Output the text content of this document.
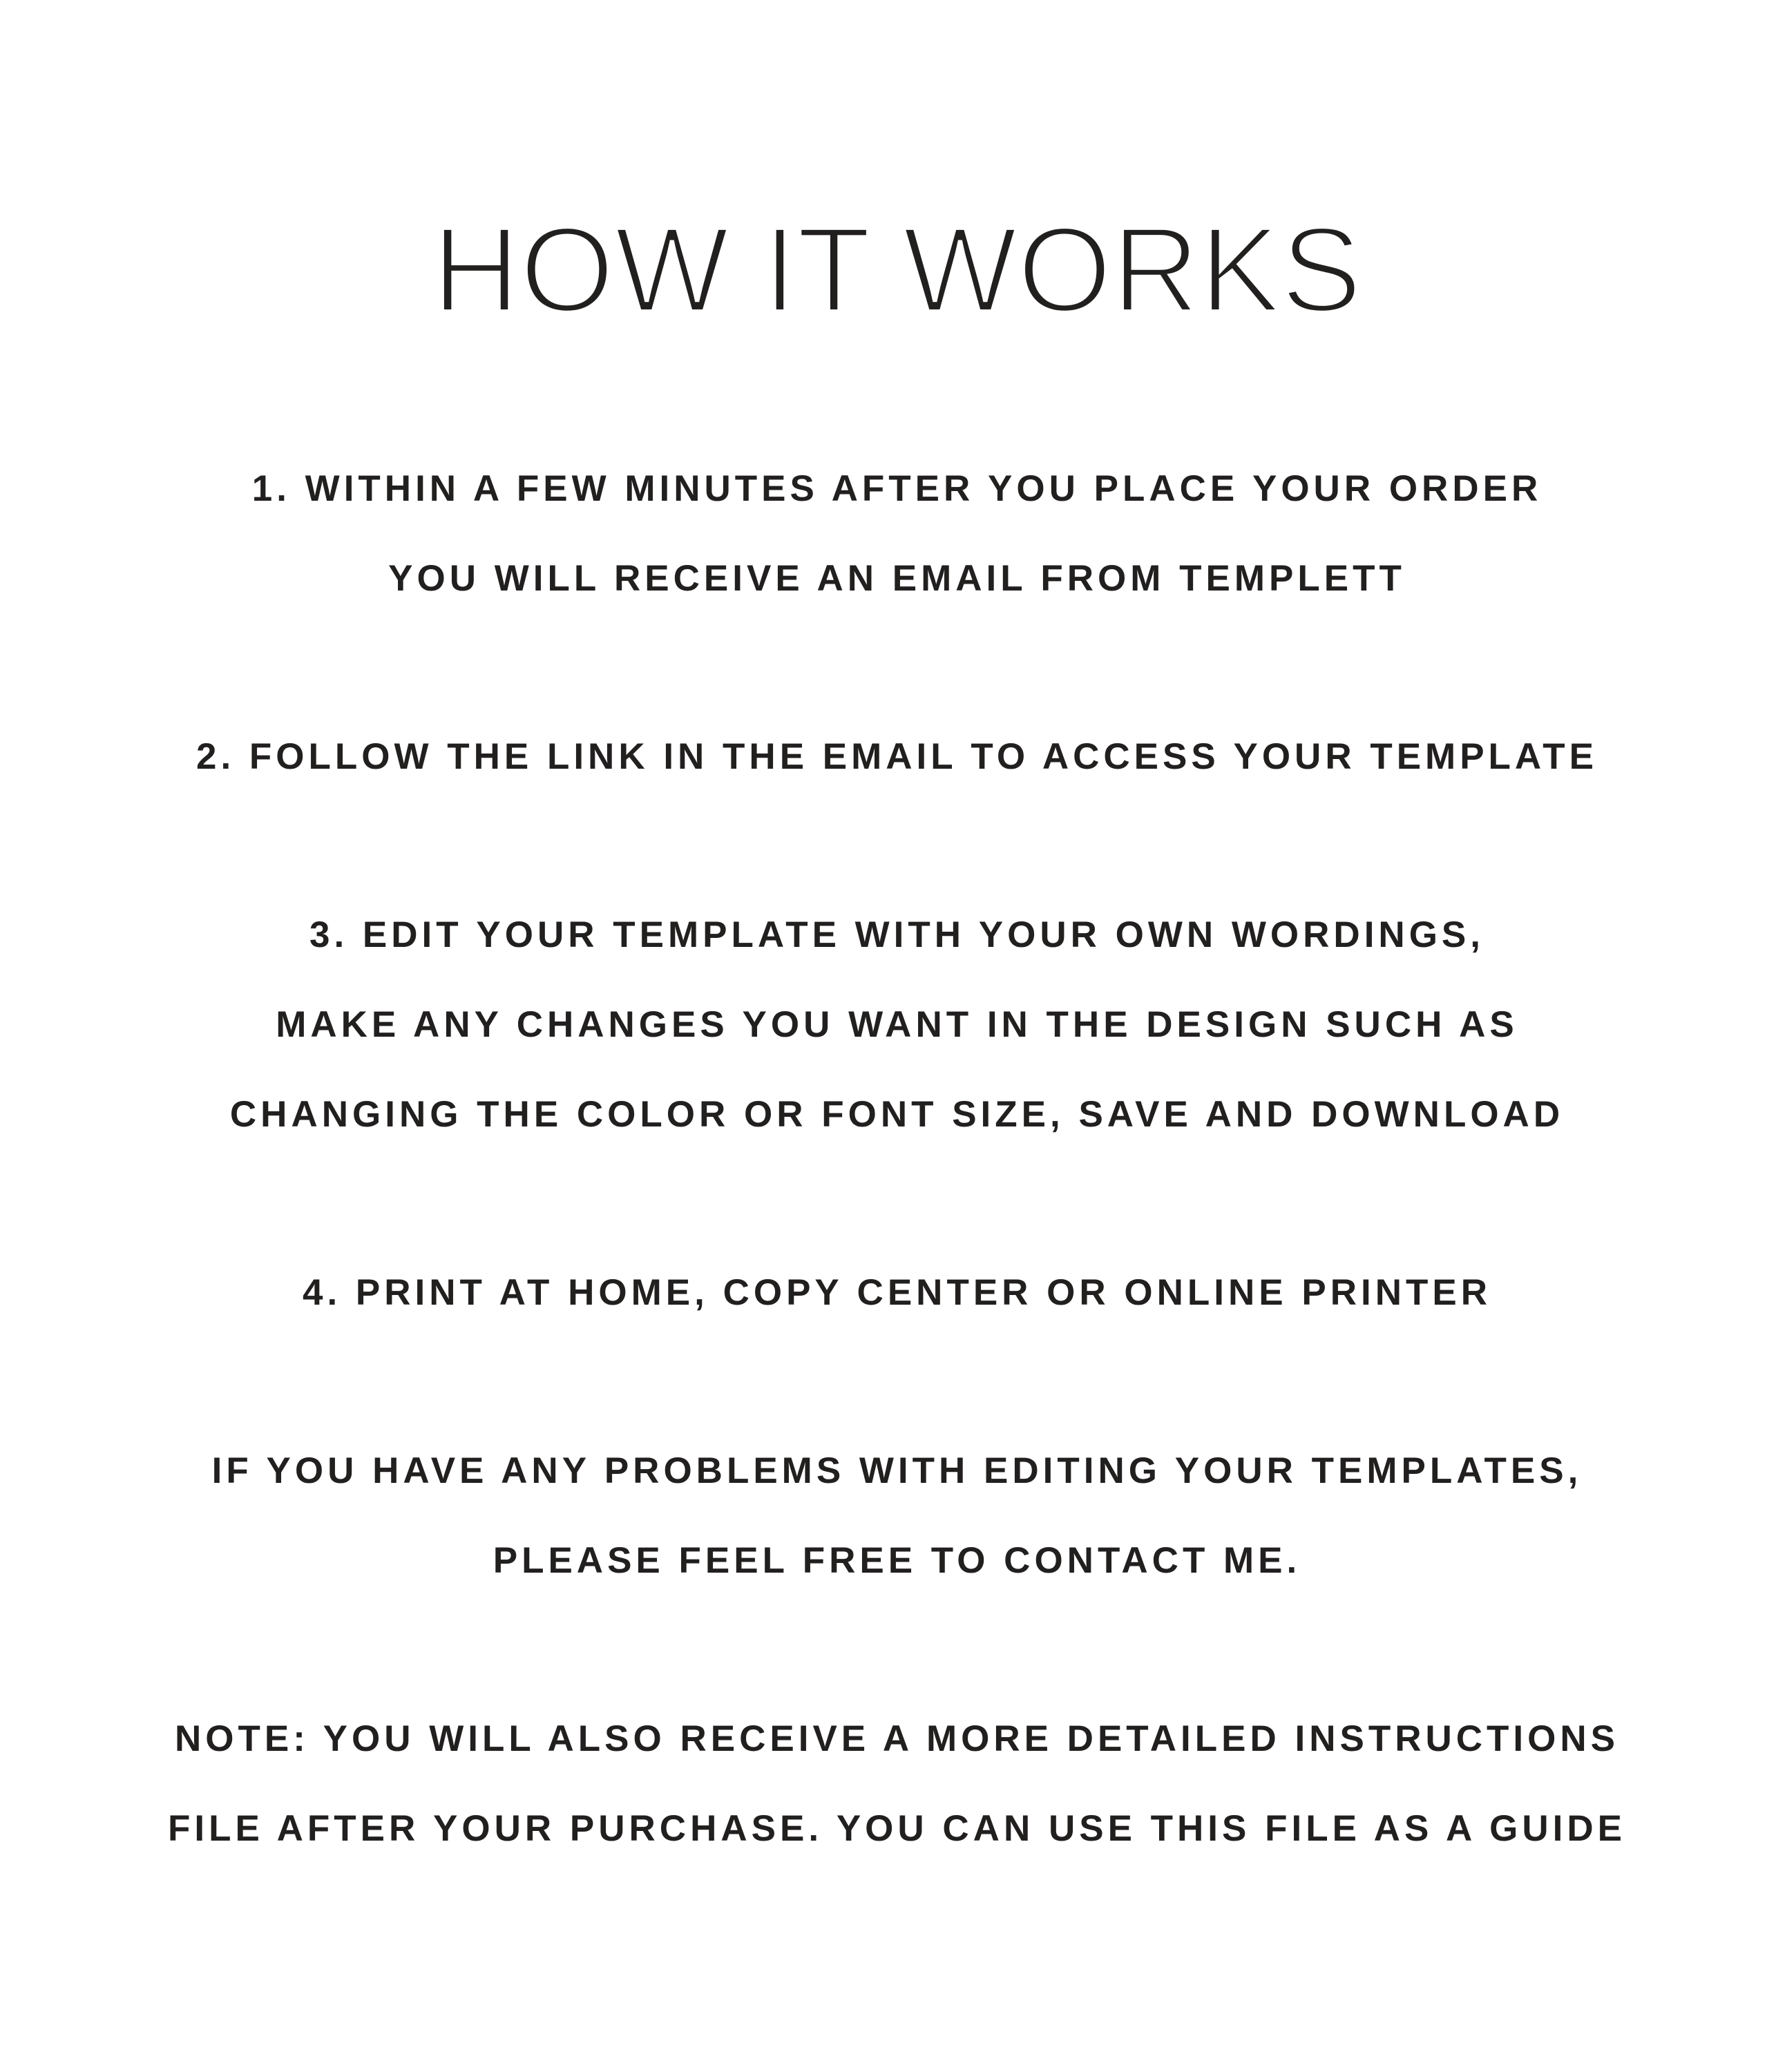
HOW IT WORKS
1. WITHIN A FEW MINUTES AFTER YOU PLACE YOUR ORDER
YOU WILL RECEIVE AN EMAIL FROM TEMPLETT
2. FOLLOW THE LINK IN THE EMAIL TO ACCESS YOUR TEMPLATE
3. EDIT YOUR TEMPLATE WITH YOUR OWN WORDINGS,
MAKE ANY CHANGES YOU WANT IN THE DESIGN SUCH AS
CHANGING THE COLOR OR FONT SIZE, SAVE AND DOWNLOAD
4. PRINT AT HOME, COPY CENTER OR ONLINE PRINTER
IF YOU HAVE ANY PROBLEMS WITH EDITING YOUR TEMPLATES,
PLEASE FEEL FREE TO CONTACT ME.
NOTE: YOU WILL ALSO RECEIVE A MORE DETAILED INSTRUCTIONS
FILE AFTER YOUR PURCHASE. YOU CAN USE THIS FILE AS A GUIDE
